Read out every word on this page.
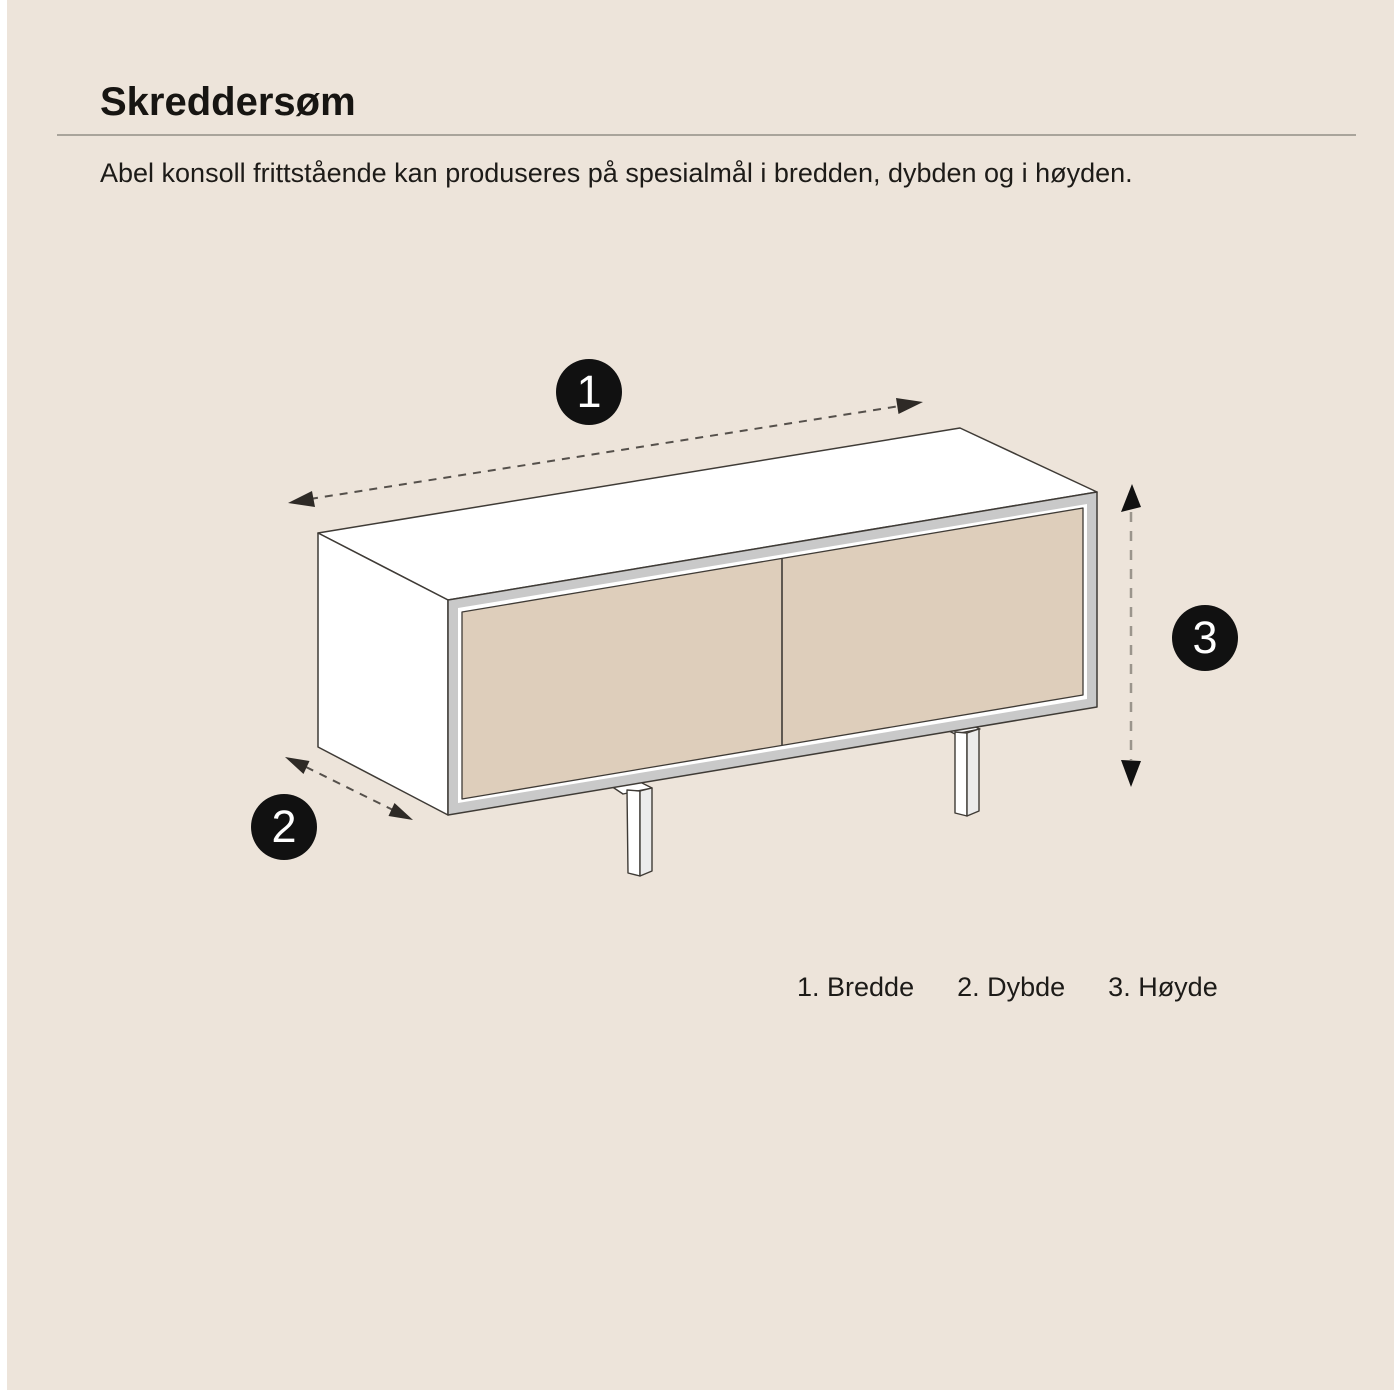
Skreddersøm
Abel konsoll frittstående kan produseres på spesialmål i bredden, dybden og i høyden.
1
2
3
1. Bredde 2. Dybde 3. Høyde
